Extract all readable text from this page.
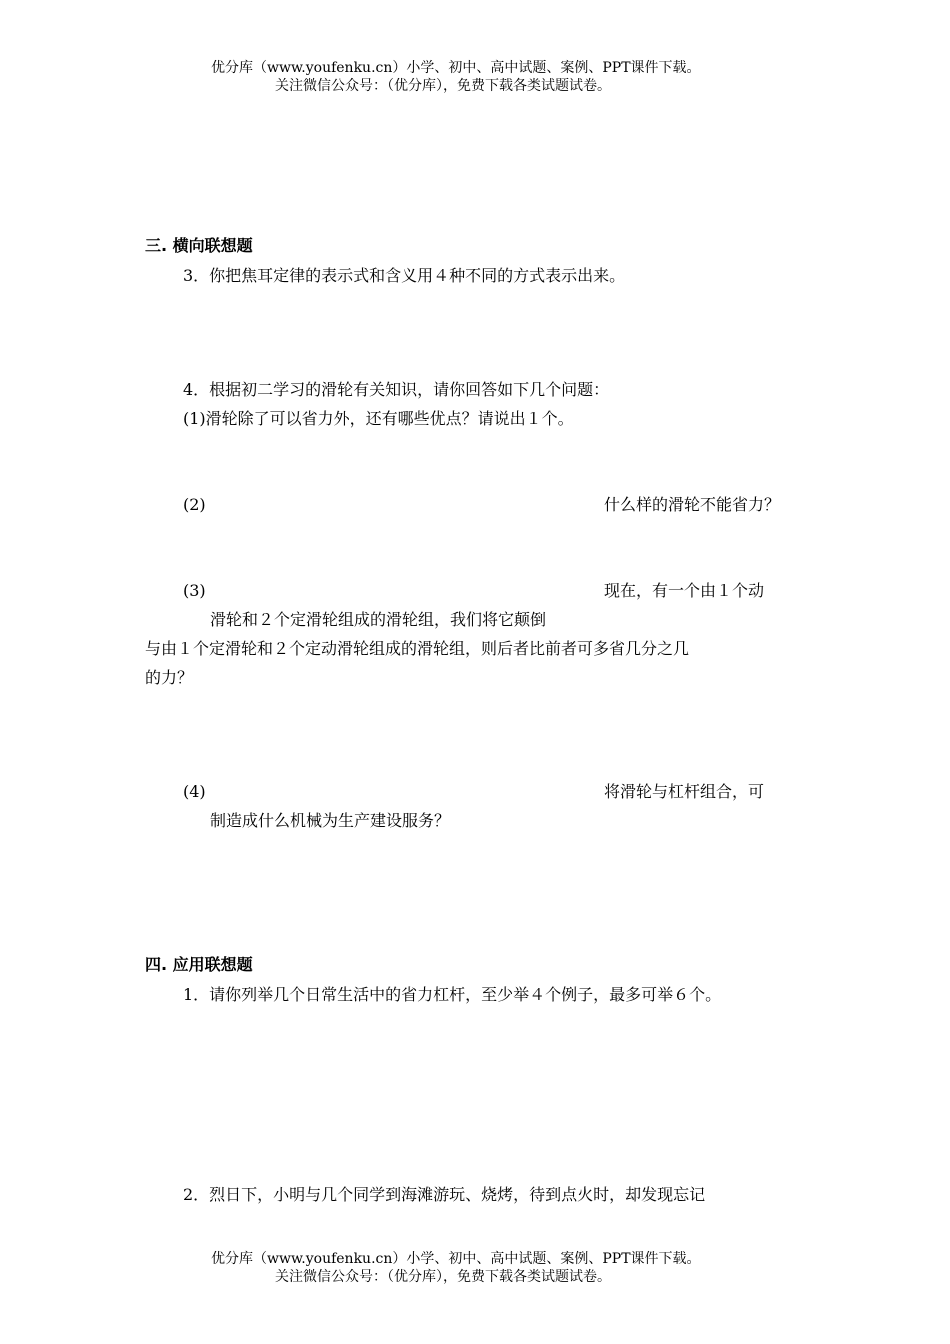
优分库（www.youfenku.cn）小学、初中、高中试题、案例、PPT课件下载。
关注微信公众号：（优分库），免费下载各类试题试卷。
三. 横向联想题
3．你把焦耳定律的表示式和含义用４种不同的方式表示出来。
4．根据初二学习的滑轮有关知识，请你回答如下几个问题：
(1)滑轮除了可以省力外，还有哪些优点？请说出１个。
(2)	什么样的滑轮不能省力？
(3)	现在，有一个由１个动
滑轮和２个定滑轮组成的滑轮组，我们将它颠倒
与由１个定滑轮和２个定动滑轮组成的滑轮组，则后者比前者可多省几分之几
的力？
(4)	将滑轮与杠杆组合，可
制造成什么机械为生产建设服务？
四. 应用联想题
1．请你列举几个日常生活中的省力杠杆，至少举４个例子，最多可举６个。
2．烈日下，小明与几个同学到海滩游玩、烧烤，待到点火时，却发现忘记
优分库（www.youfenku.cn）小学、初中、高中试题、案例、PPT课件下载。
关注微信公众号：（优分库），免费下载各类试题试卷。
